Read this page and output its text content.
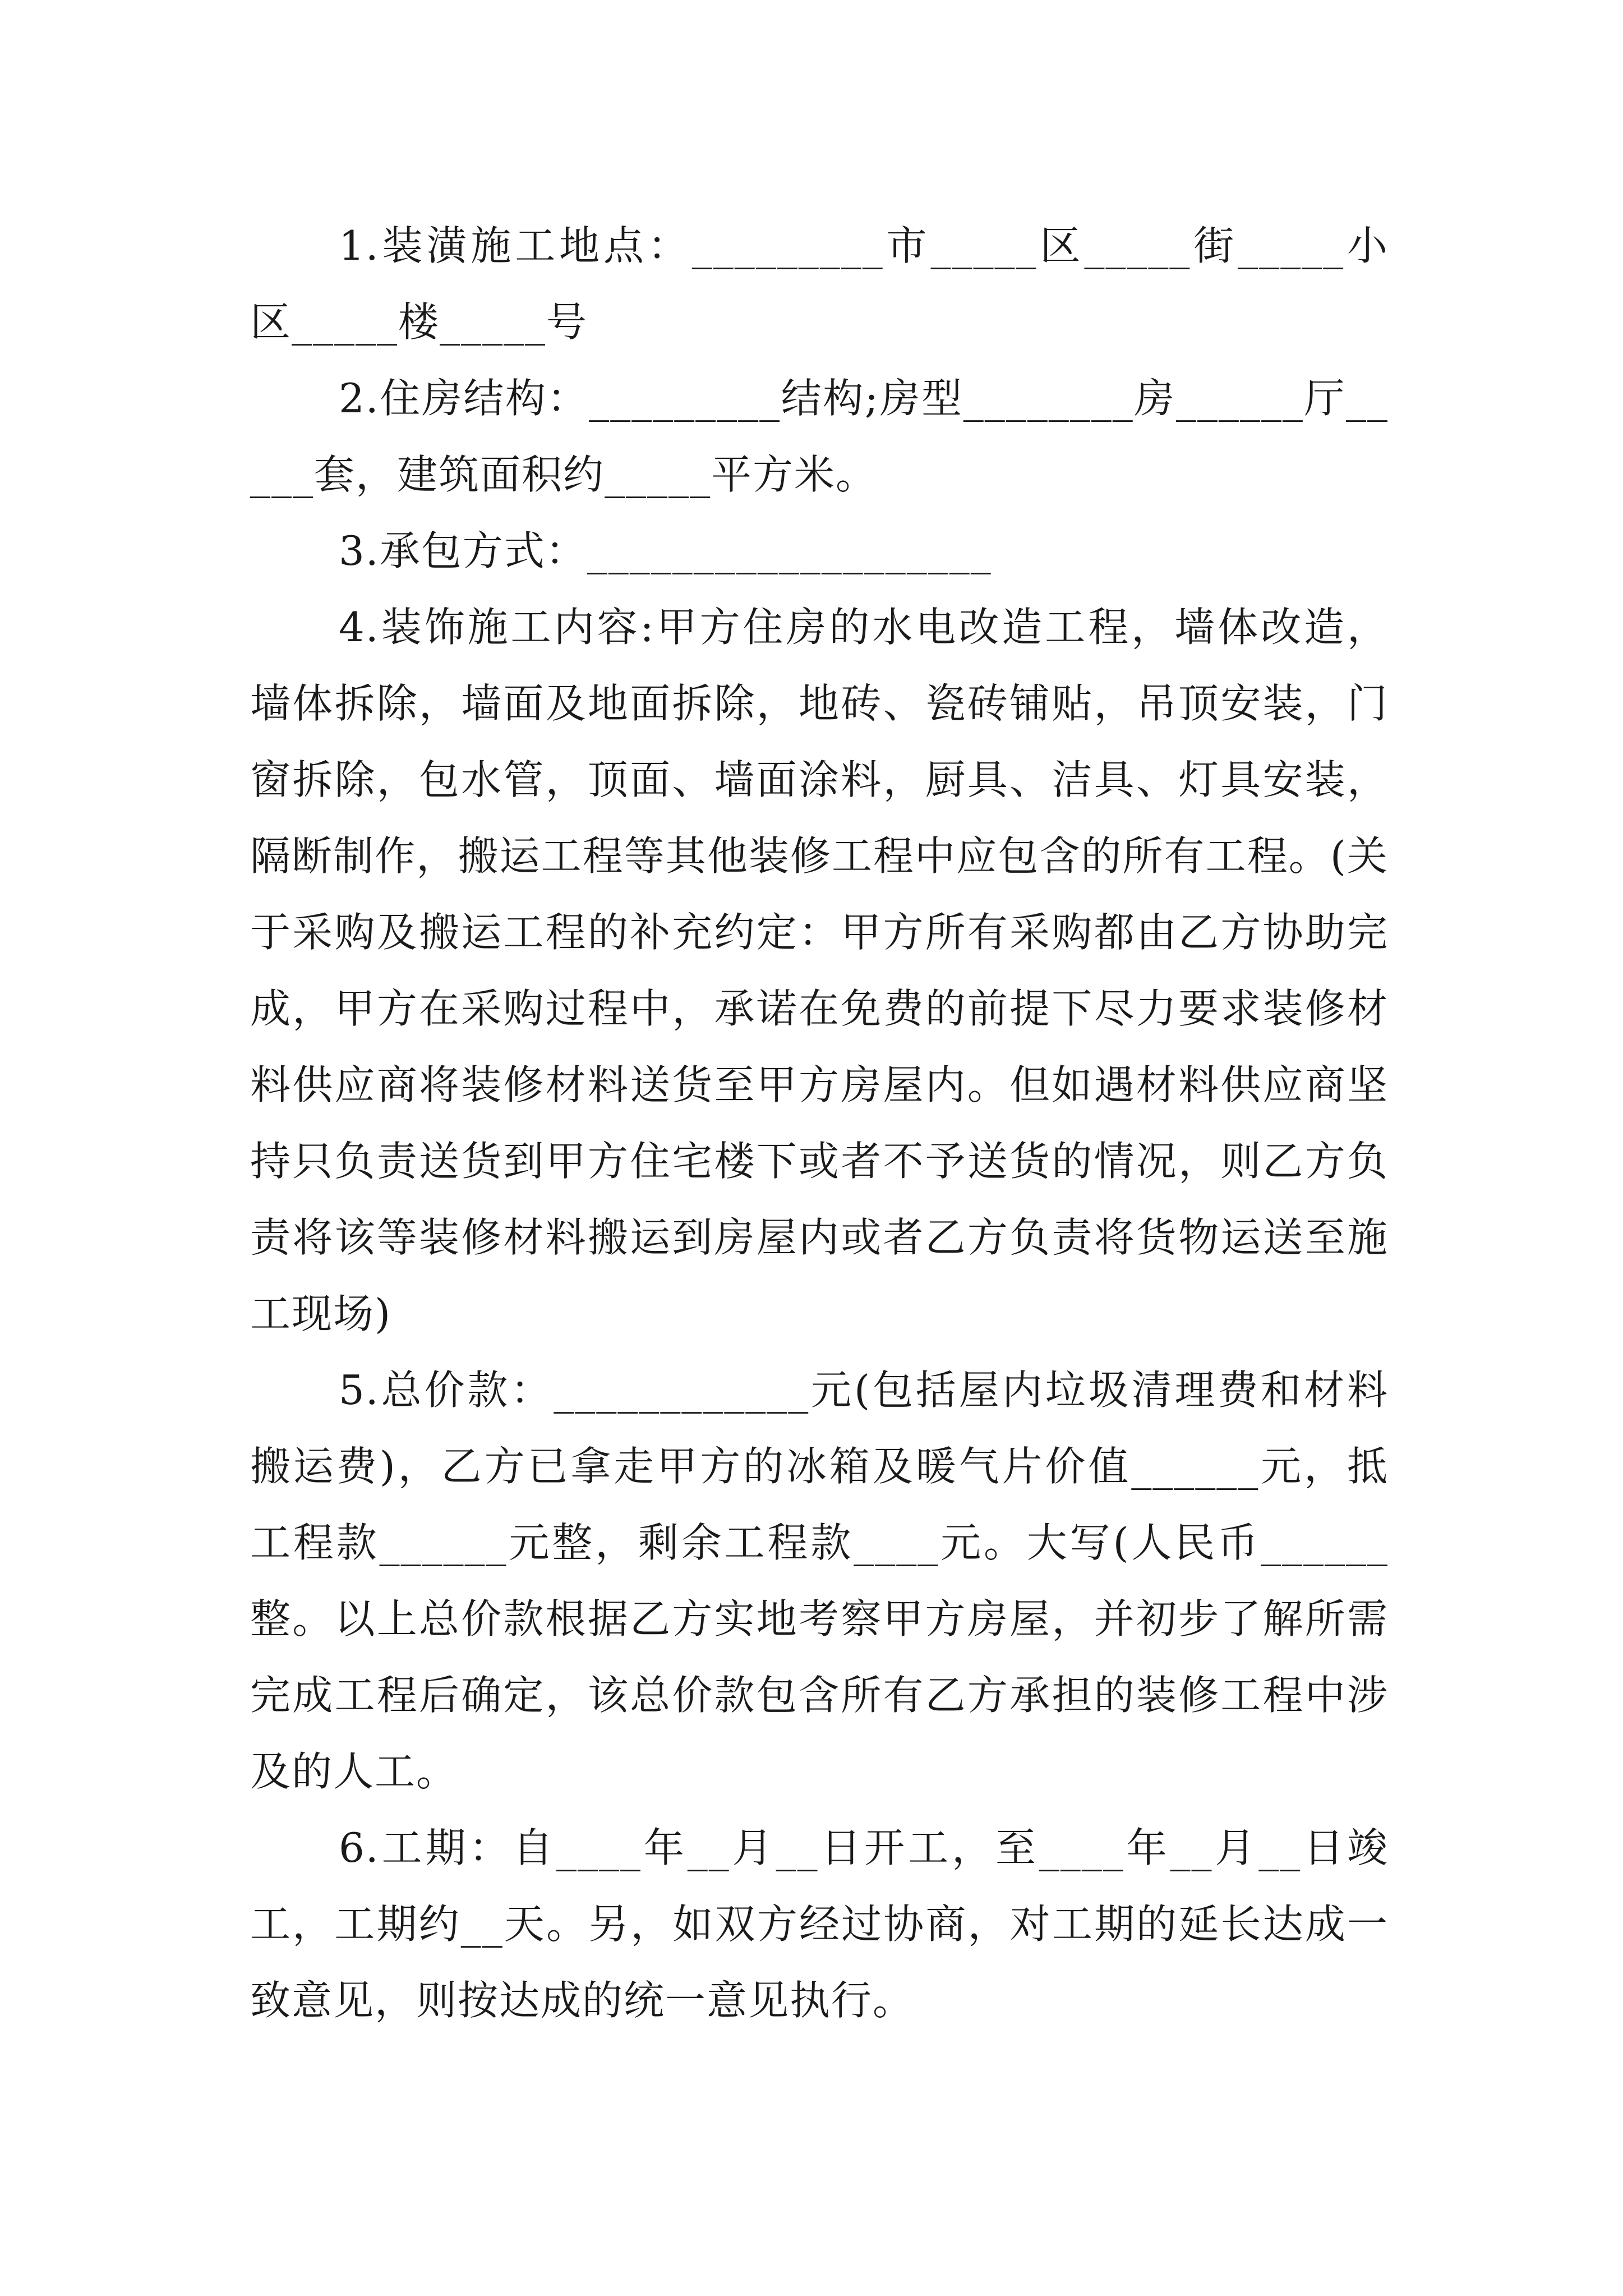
1.装潢施工地点：_________市_____区_____街_____小区_____楼_____号

2.住房结构：_________结构;房型________房______厅_____套，建筑面积约_____平方米。

3.承包方式：___________________

4.装饰施工内容:甲方住房的水电改造工程，墙体改造，墙体拆除，墙面及地面拆除，地砖、瓷砖铺贴，吊顶安装，门窗拆除，包水管，顶面、墙面涂料，厨具、洁具、灯具安装，隔断制作，搬运工程等其他装修工程中应包含的所有工程。(关于采购及搬运工程的补充约定：甲方所有采购都由乙方协助完成，甲方在采购过程中，承诺在免费的前提下尽力要求装修材料供应商将装修材料送货至甲方房屋内。但如遇材料供应商坚持只负责送货到甲方住宅楼下或者不予送货的情况，则乙方负责将该等装修材料搬运到房屋内或者乙方负责将货物运送至施工现场)

5.总价款：____________元(包括屋内垃圾清理费和材料搬运费)，乙方已拿走甲方的冰箱及暖气片价值______元，抵工程款______元整，剩余工程款____元。大写(人民币______整。以上总价款根据乙方实地考察甲方房屋，并初步了解所需完成工程后确定，该总价款包含所有乙方承担的装修工程中涉及的人工。

6.工期：自____年__月__日开工，至____年__月__日竣工，工期约__天。另，如双方经过协商，对工期的延长达成一致意见，则按达成的统一意见执行。
